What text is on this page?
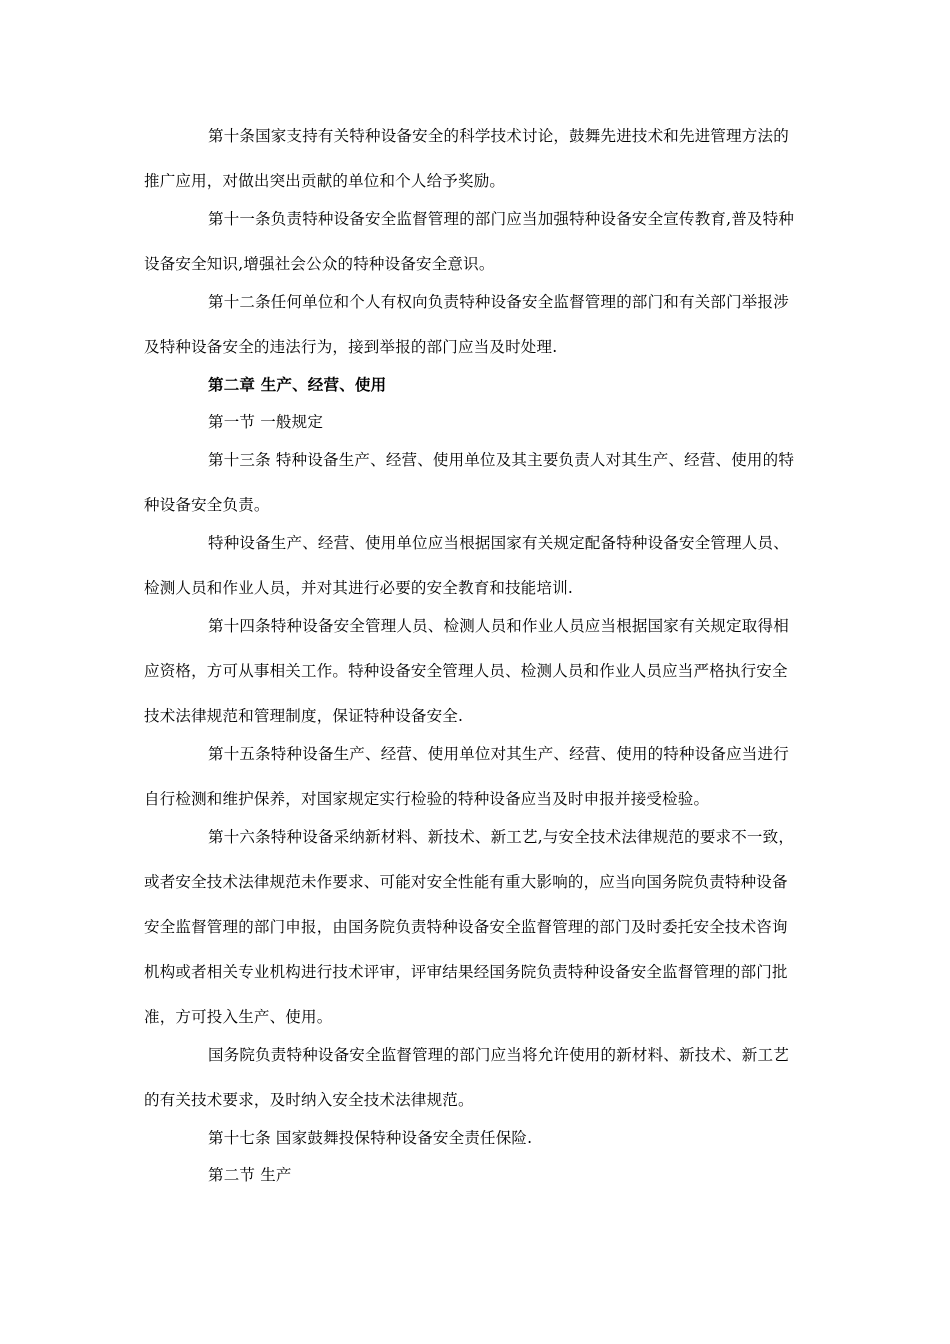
第十条国家支持有关特种设备安全的科学技术讨论，鼓舞先进技术和先进管理方法的
推广应用，对做出突出贡献的单位和个人给予奖励。
第十一条负责特种设备安全监督管理的部门应当加强特种设备安全宣传教育,普及特种
设备安全知识,增强社会公众的特种设备安全意识。
第十二条任何单位和个人有权向负责特种设备安全监督管理的部门和有关部门举报涉
及特种设备安全的违法行为，接到举报的部门应当及时处理.
第二章 生产、经营、使用
第一节 一般规定
第十三条 特种设备生产、经营、使用单位及其主要负责人对其生产、经营、使用的特
种设备安全负责。
特种设备生产、经营、使用单位应当根据国家有关规定配备特种设备安全管理人员、
检测人员和作业人员，并对其进行必要的安全教育和技能培训.
第十四条特种设备安全管理人员、检测人员和作业人员应当根据国家有关规定取得相
应资格，方可从事相关工作。特种设备安全管理人员、检测人员和作业人员应当严格执行安全
技术法律规范和管理制度，保证特种设备安全.
第十五条特种设备生产、经营、使用单位对其生产、经营、使用的特种设备应当进行
自行检测和维护保养，对国家规定实行检验的特种设备应当及时申报并接受检验。
第十六条特种设备采纳新材料、新技术、新工艺,与安全技术法律规范的要求不一致，
或者安全技术法律规范未作要求、可能对安全性能有重大影响的，应当向国务院负责特种设备
安全监督管理的部门申报，由国务院负责特种设备安全监督管理的部门及时委托安全技术咨询
机构或者相关专业机构进行技术评审，评审结果经国务院负责特种设备安全监督管理的部门批
准，方可投入生产、使用。
国务院负责特种设备安全监督管理的部门应当将允许使用的新材料、新技术、新工艺
的有关技术要求，及时纳入安全技术法律规范。
第十七条 国家鼓舞投保特种设备安全责任保险.
第二节 生产
